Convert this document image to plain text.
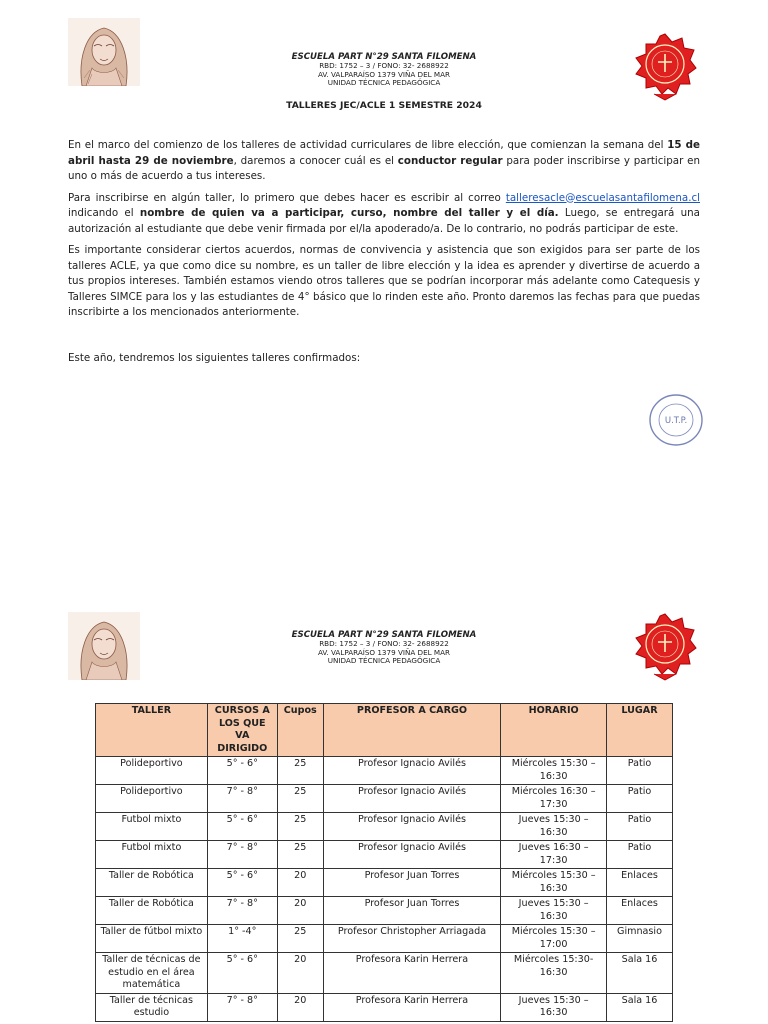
ESCUELA PART N°29 SANTA FILOMENA
RBD: 1752 – 3 / FONO: 32- 2688922
AV. VALPARAÍSO 1379 VIÑA DEL MAR
UNIDAD TÉCNICA PEDAGÓGICA
TALLERES JEC/ACLE 1 SEMESTRE 2024

En el marco del comienzo de los talleres de actividad curriculares de libre elección, que comienzan la semana del 15 de abril hasta 29 de noviembre, daremos a conocer cuál es el conductor regular para poder inscribirse y participar en uno o más de acuerdo a tus intereses.

Para inscribirse en algún taller, lo primero que debes hacer es escribir al correo talleresacle@escuelasantafilomena.cl indicando el nombre de quien va a participar, curso, nombre del taller y el día. Luego, se entregará una autorización al estudiante que debe venir firmada por el/la apoderado/a. De lo contrario, no podrás participar de este.

Es importante considerar ciertos acuerdos, normas de convivencia y asistencia que son exigidos para ser parte de los talleres ACLE, ya que como dice su nombre, es un taller de libre elección y la idea es aprender y divertirse de acuerdo a tus propios intereses. También estamos viendo otros talleres que se podrían incorporar más adelante como Catequesis y Talleres SIMCE para los y las estudiantes de 4° básico que lo rinden este año. Pronto daremos las fechas para que puedas inscribirte a los mencionados anteriormente.

Este año, tendremos los siguientes talleres confirmados:

U.T.P.
ESCUELA PART N°29 SANTA FILOMENA
RBD: 1752 – 3 / FONO: 32- 2688922
AV. VALPARAÍSO 1379 VIÑA DEL MAR
UNIDAD TÉCNICA PEDAGÓGICA
TALLER	CURSOS A LOS QUE VA DIRIGIDO	Cupos	PROFESOR A CARGO	HORARIO	LUGAR
Polideportivo	5° - 6°	25	Profesor Ignacio Avilés	Miércoles 15:30 – 16:30	Patio
Polideportivo	7° - 8°	25	Profesor Ignacio Avilés	Miércoles 16:30 – 17:30	Patio
Futbol mixto	5° - 6°	25	Profesor Ignacio Avilés	Jueves 15:30 – 16:30	Patio
Futbol mixto	7° - 8°	25	Profesor Ignacio Avilés	Jueves 16:30 – 17:30	Patio
Taller de Robótica	5° - 6°	20	Profesor Juan Torres	Miércoles 15:30 – 16:30	Enlaces
Taller de Robótica	7° - 8°	20	Profesor Juan Torres	Jueves 15:30 – 16:30	Enlaces
Taller de fútbol mixto	1° -4°	25	Profesor Christopher Arriagada	Miércoles 15:30 – 17:00	Gimnasio
Taller de técnicas de estudio en el área matemática	5° - 6°	20	Profesora Karin Herrera	Miércoles 15:30- 16:30	Sala 16
Taller de técnicas estudio	7° - 8°	20	Profesora Karin Herrera	Jueves 15:30 – 16:30	Sala 16
